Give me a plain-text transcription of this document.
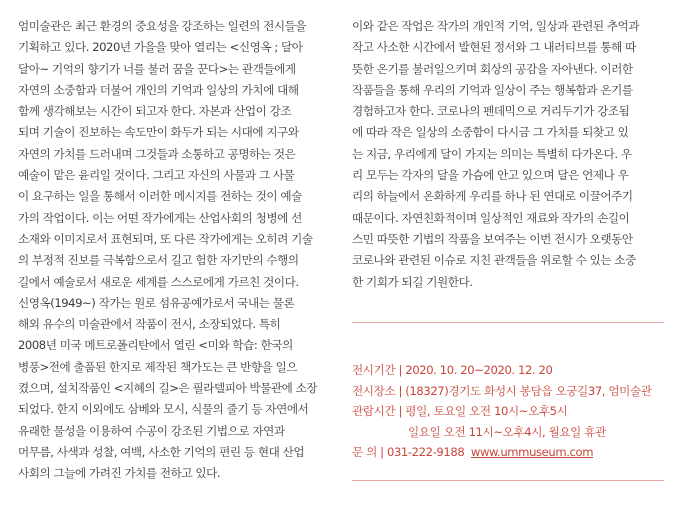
엄미술관은 최근 환경의 중요성을 강조하는 일련의 전시들을
기획하고 있다. 2020년 가을을 맞아 열리는 <신영옥 ; 달아
달아~ 기억의 향기가 너를 불러 꿈을 꾼다>는 관객들에게
자연의 소중함과 더불어 개인의 기억과 일상의 가치에 대해
함께 생각해보는 시간이 되고자 한다. 자본과 산업이 강조
되며 기술이 진보하는 속도만이 화두가 되는 시대에 지구와
자연의 가치를 드러내며 그것들과 소통하고 공명하는 것은
예술이 맡은 윤리일 것이다. 그리고 자신의 사물과 그 사물
이 요구하는 일을 통해서 이러한 메시지를 전하는 것이 예술
가의 작업이다. 이는 어떤 작가에게는 산업사회의 청병에 선
소재와 이미지로서 표현되며, 또 다른 작가에게는 오히려 기술
의 부정적 진보를 극복함으로서 길고 험한 자기만의 수행의
길에서 예술로서 새로운 세계를 스스로에게 가르친 것이다.
신영옥(1949~) 작가는 원로 섬유공예가로서 국내는 물론
해외 유수의 미술관에서 작품이 전시, 소장되었다. 특히
2008년 미국 메트로폴리탄에서 열린 <미와 학습: 한국의
병풍>전에 출품된 한지로 제작된 책가도는 큰 반향을 일으
켰으며, 설치작품인 <지혜의 길>은 필라델피아 박물관에 소장
되었다. 한지 이외에도 삼베와 모시, 식물의 줄기 등 자연에서
유래한 물성을 이용하여 수공이 강조된 기법으로 자연과
머무름, 사색과 성찰, 여백, 사소한 기억의 편린 등 현대 산업
사회의 그늘에 가려진 가치를 전하고 있다.
이와 같은 작업은 작가의 개인적 기억, 일상과 관련된 추억과
작고 사소한 시간에서 발현된 정서와 그 내러티브를 통해 따
뜻한 온기를 불러일으키며 회상의 공감을 자아낸다. 이러한
작품들을 통해 우리의 기억과 일상이 주는 행복함과 온기를
경험하고자 한다. 코로나의 펜데믹으로 거리두기가 강조됨
에 따라 작은 일상의 소중함이 다시금 그 가치를 되찾고 있
는 지금, 우리에게 달이 가지는 의미는 특별히 다가온다. 우
리 모두는 각자의 달을 가슴에 안고 있으며 달은 언제나 우
리의 하늘에서 온화하게 우리를 하나 된 연대로 이끌어주기
때문이다. 자연친화적이며 일상적인 재료와 작가의 손길이
스민 따뜻한 기법의 작품을 보여주는 이번 전시가 오랫동안
코로나와 관련된 이슈로 지친 관객들을 위로할 수 있는 소중
한 기회가 되길 기원한다.
전시기간 | 2020. 10. 20~2020. 12. 20
전시장소 | (18327)경기도 화성시 봉담읍 오궁길37, 엄미술관
관람시간 | 평일, 토요일 오전 10시~오후5시
일요일 오전 11시~오후4시, 월요일 휴관
문 의 | 031-222-9188 www.ummuseum.com
